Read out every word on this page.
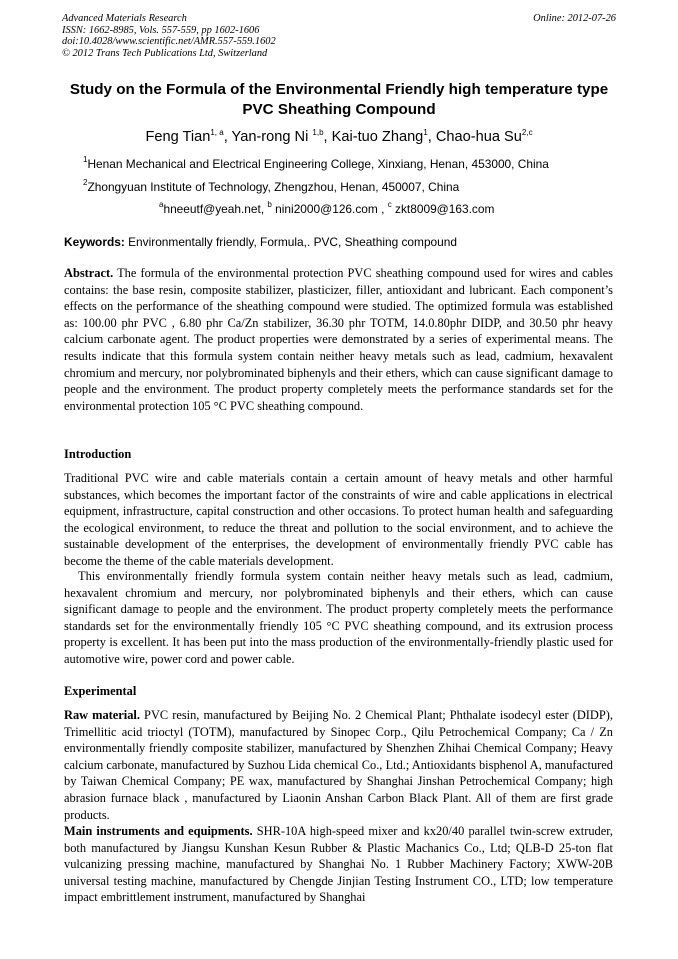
Advanced Materials Research
ISSN: 1662-8985, Vols. 557-559, pp 1602-1606
doi:10.4028/www.scientific.net/AMR.557-559.1602
© 2012 Trans Tech Publications Ltd, Switzerland
Online: 2012-07-26
Study on the Formula of the Environmental Friendly high temperature type PVC Sheathing Compound
Feng Tian$^{1, a}$, Yan-rong Ni $^{1,b}$, Kai-tuo Zhang$^1$, Chao-hua Su$^{2,c}$
$^1$Henan Mechanical and Electrical Engineering College, Xinxiang, Henan, 453000, China
$^2$Zhongyuan Institute of Technology, Zhengzhou, Henan, 450007, China
$^a$hneeutf@yeah.net, $^b$ nini2000@126.com , $^c$ zkt8009@163.com
Keywords: Environmentally friendly, Formula,. PVC, Sheathing compound
Abstract. The formula of the environmental protection PVC sheathing compound used for wires and cables contains: the base resin, composite stabilizer, plasticizer, filler, antioxidant and lubricant. Each component’s effects on the performance of the sheathing compound were studied. The optimized formula was established as: 100.00 phr PVC , 6.80 phr Ca/Zn stabilizer, 36.30 phr TOTM, 14.0.80phr DIDP, and 30.50 phr heavy calcium carbonate agent. The product properties were demonstrated by a series of experimental means. The results indicate that this formula system contain neither heavy metals such as lead, cadmium, hexavalent chromium and mercury, nor polybrominated biphenyls and their ethers, which can cause significant damage to people and the environment. The product property completely meets the performance standards set for the environmental protection 105 °C PVC sheathing compound.
Introduction
Traditional PVC wire and cable materials contain a certain amount of heavy metals and other harmful substances, which becomes the important factor of the constraints of wire and cable applications in electrical equipment, infrastructure, capital construction and other occasions. To protect human health and safeguarding the ecological environment, to reduce the threat and pollution to the social environment, and to achieve the sustainable development of the enterprises, the development of environmentally friendly PVC cable has become the theme of the cable materials development.
This environmentally friendly formula system contain neither heavy metals such as lead, cadmium, hexavalent chromium and mercury, nor polybrominated biphenyls and their ethers, which can cause significant damage to people and the environment. The product property completely meets the performance standards set for the environmentally friendly 105 °C PVC sheathing compound, and its extrusion process property is excellent. It has been put into the mass production of the environmentally-friendly plastic used for automotive wire, power cord and power cable.
Experimental
Raw material. PVC resin, manufactured by Beijing No. 2 Chemical Plant; Phthalate isodecyl ester (DIDP), Trimellitic acid trioctyl (TOTM), manufactured by Sinopec Corp., Qilu Petrochemical Company; Ca / Zn environmentally friendly composite stabilizer, manufactured by Shenzhen Zhihai Chemical Company; Heavy calcium carbonate, manufactured by Suzhou Lida chemical Co., Ltd.; Antioxidants bisphenol A, manufactured by Taiwan Chemical Company; PE wax, manufactured by Shanghai Jinshan Petrochemical Company; high abrasion furnace black , manufactured by Liaonin Anshan Carbon Black Plant. All of them are first grade products.
Main instruments and equipments. SHR-10A high-speed mixer and kx20/40 parallel twin-screw extruder, both manufactured by Jiangsu Kunshan Kesun Rubber & Plastic Machanics Co., Ltd; QLB-D 25-ton flat vulcanizing pressing machine, manufactured by Shanghai No. 1 Rubber Machinery Factory; XWW-20B universal testing machine, manufactured by Chengde Jinjian Testing Instrument CO., LTD; low temperature impact embrittlement instrument, manufactured by Shanghai
